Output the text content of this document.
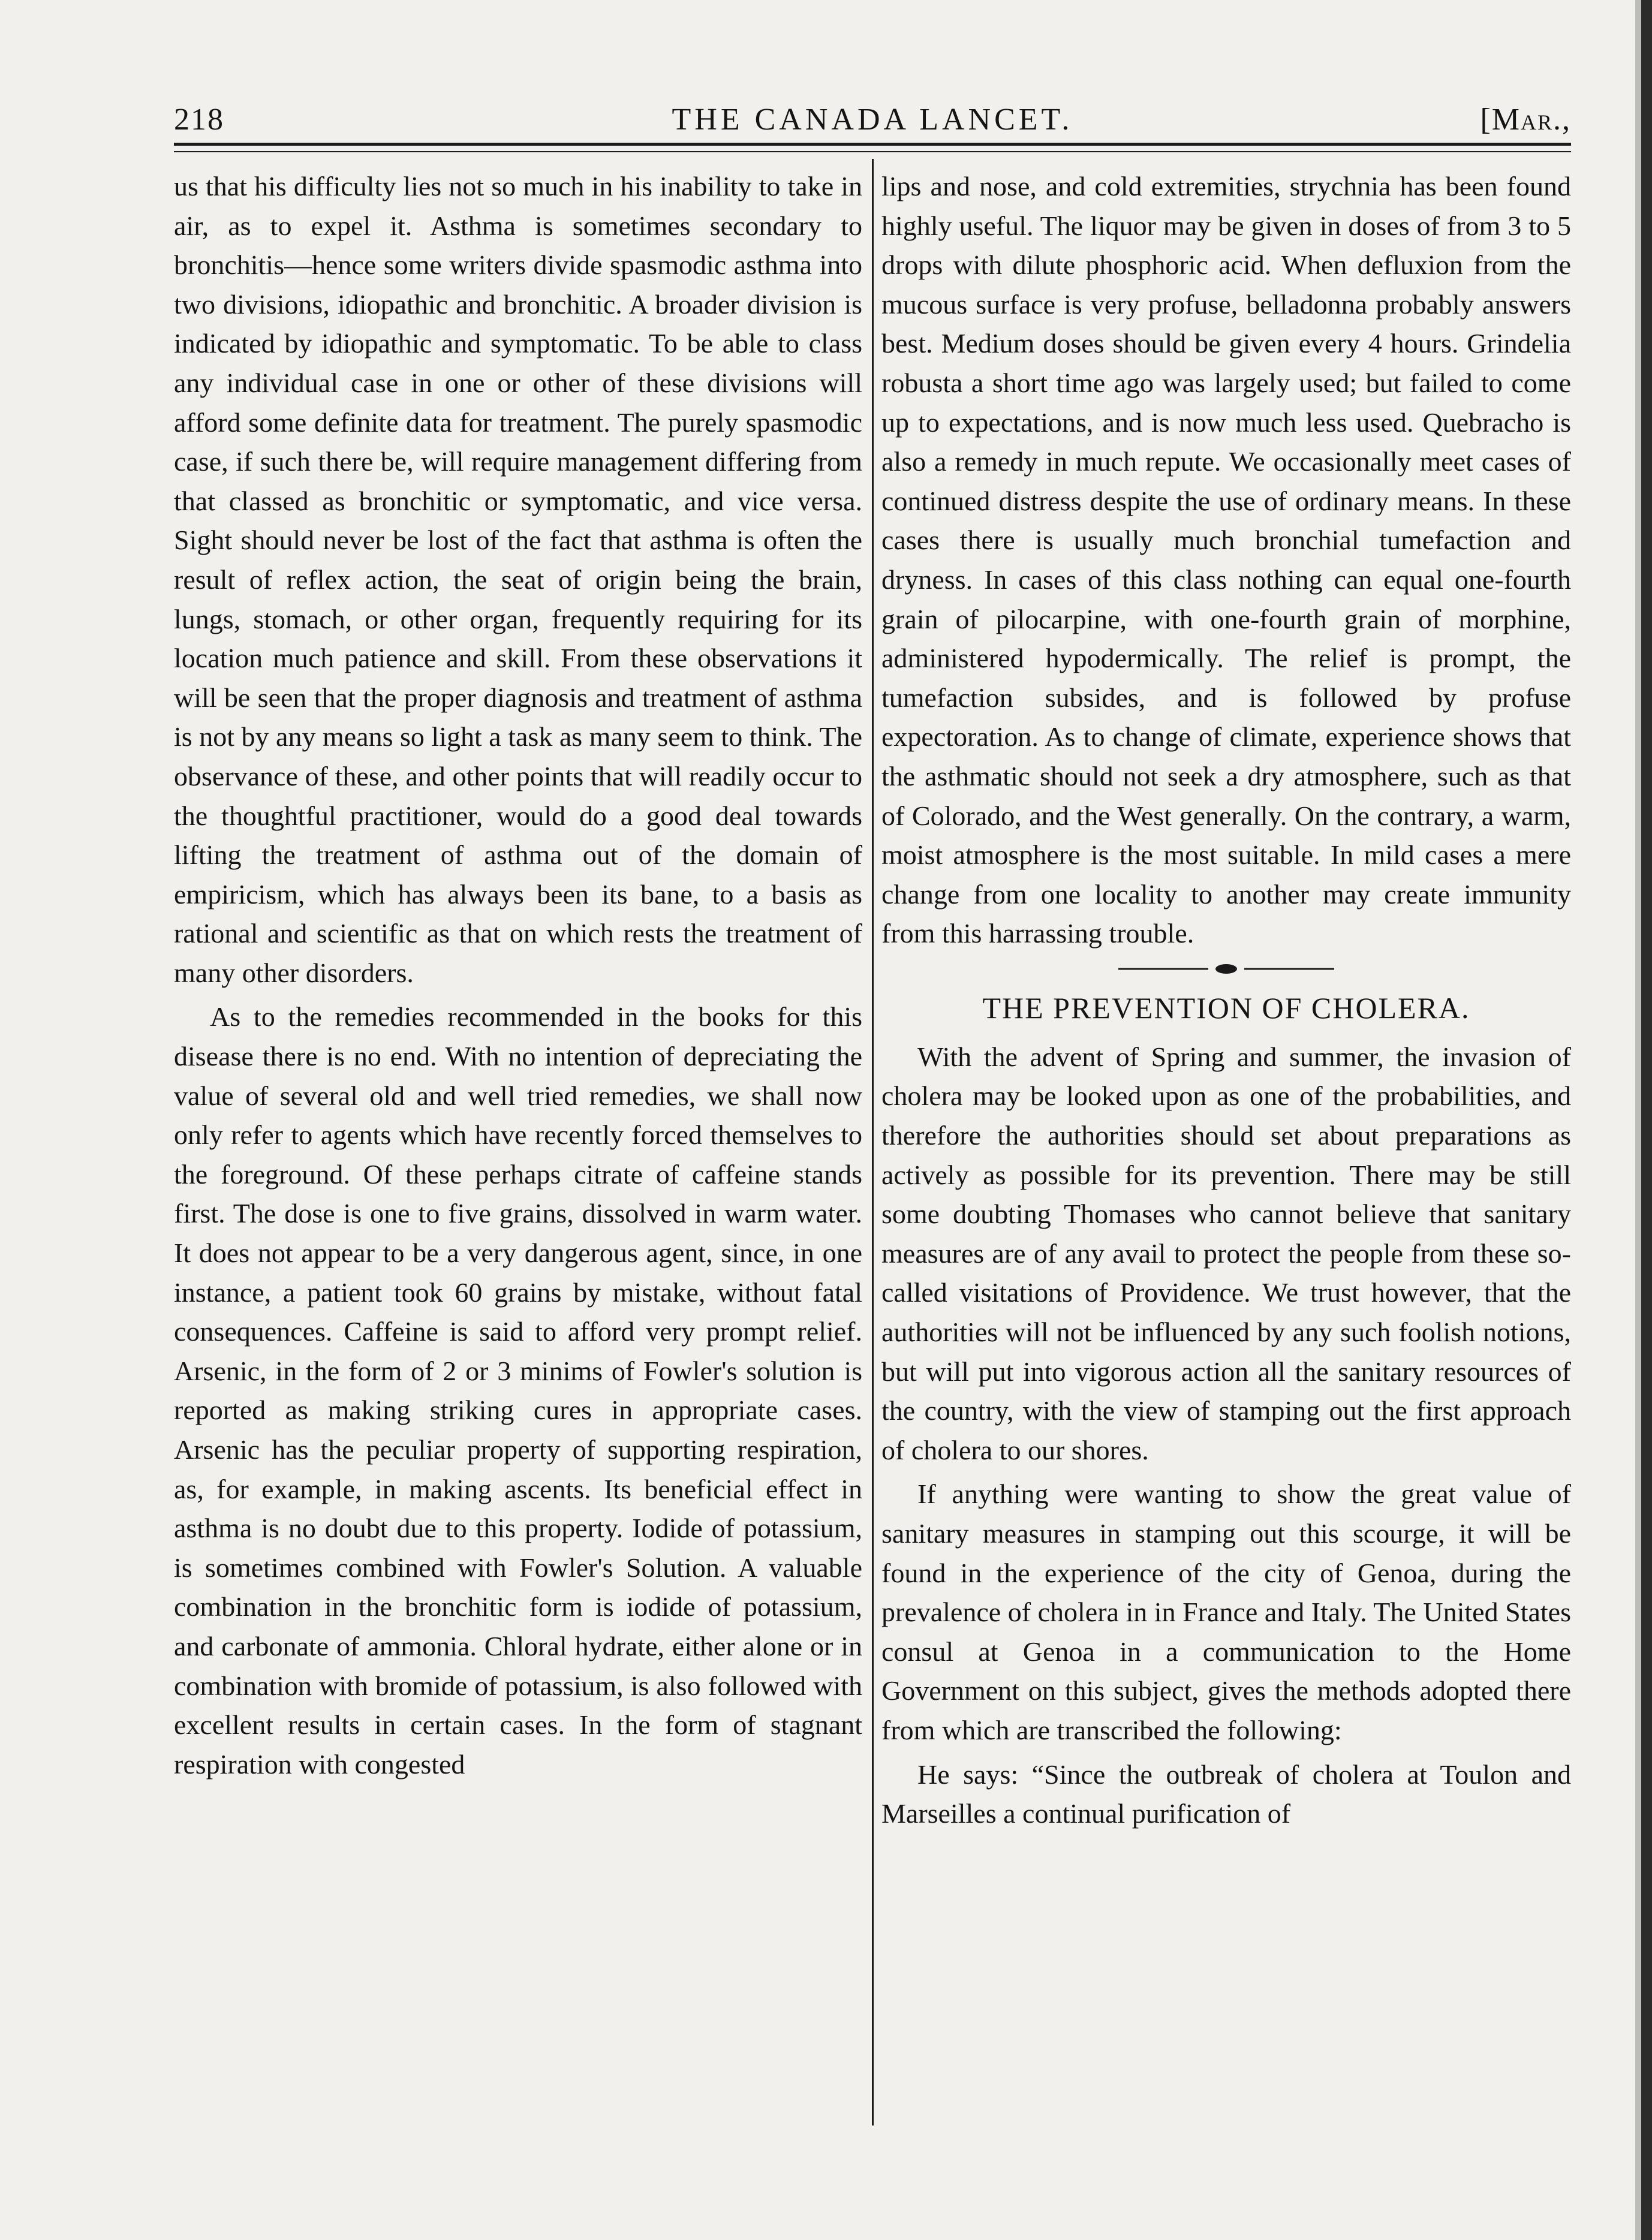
218	THE CANADA LANCET.	[Mar.,

us that his difficulty lies not so much in his inability to take in air, as to expel it. Asthma is sometimes secondary to bronchitis—hence some writers divide spasmodic asthma into two divisions, idiopathic and bronchitic. A broader division is indicated by idiopathic and symptomatic. To be able to class any individual case in one or other of these divisions will afford some definite data for treatment. The purely spasmodic case, if such there be, will require management differing from that classed as bronchitic or symptomatic, and vice versa. Sight should never be lost of the fact that asthma is often the result of reflex action, the seat of origin being the brain, lungs, stomach, or other organ, frequently requiring for its location much patience and skill. From these observations it will be seen that the proper diagnosis and treatment of asthma is not by any means so light a task as many seem to think. The observance of these, and other points that will readily occur to the thoughtful practitioner, would do a good deal towards lifting the treatment of asthma out of the domain of empiricism, which has always been its bane, to a basis as rational and scientific as that on which rests the treatment of many other disorders.

As to the remedies recommended in the books for this disease there is no end. With no intention of depreciating the value of several old and well tried remedies, we shall now only refer to agents which have recently forced themselves to the foreground. Of these perhaps citrate of caffeine stands first. The dose is one to five grains, dissolved in warm water. It does not appear to be a very dangerous agent, since, in one instance, a patient took 60 grains by mistake, without fatal consequences. Caffeine is said to afford very prompt relief. Arsenic, in the form of 2 or 3 minims of Fowler's solution is reported as making striking cures in appropriate cases. Arsenic has the peculiar property of supporting respiration, as, for example, in making ascents. Its beneficial effect in asthma is no doubt due to this property. Iodide of potassium, is sometimes combined with Fowler's Solution. A valuable combination in the bronchitic form is iodide of potassium, and carbonate of ammonia. Chloral hydrate, either alone or in combination with bromide of potassium, is also followed with excellent results in certain cases. In the form of stagnant respiration with congested

lips and nose, and cold extremities, strychnia has been found highly useful. The liquor may be given in doses of from 3 to 5 drops with dilute phosphoric acid. When defluxion from the mucous surface is very profuse, belladonna probably answers best. Medium doses should be given every 4 hours. Grindelia robusta a short time ago was largely used; but failed to come up to expectations, and is now much less used. Quebracho is also a remedy in much repute. We occasionally meet cases of continued distress despite the use of ordinary means. In these cases there is usually much bronchial tumefaction and dryness. In cases of this class nothing can equal one-fourth grain of pilocarpine, with one-fourth grain of morphine, administered hypodermically. The relief is prompt, the tumefaction subsides, and is followed by profuse expectoration. As to change of climate, experience shows that the asthmatic should not seek a dry atmosphere, such as that of Colorado, and the West generally. On the contrary, a warm, moist atmosphere is the most suitable. In mild cases a mere change from one locality to another may create immunity from this harrassing trouble.

THE PREVENTION OF CHOLERA.

With the advent of Spring and summer, the invasion of cholera may be looked upon as one of the probabilities, and therefore the authorities should set about preparations as actively as possible for its prevention. There may be still some doubting Thomases who cannot believe that sanitary measures are of any avail to protect the people from these so-called visitations of Providence. We trust however, that the authorities will not be influenced by any such foolish notions, but will put into vigorous action all the sanitary resources of the country, with the view of stamping out the first approach of cholera to our shores.

If anything were wanting to show the great value of sanitary measures in stamping out this scourge, it will be found in the experience of the city of Genoa, during the prevalence of cholera in in France and Italy. The United States consul at Genoa in a communication to the Home Government on this subject, gives the methods adopted there from which are transcribed the following:

He says: “Since the outbreak of cholera at Toulon and Marseilles a continual purification of
